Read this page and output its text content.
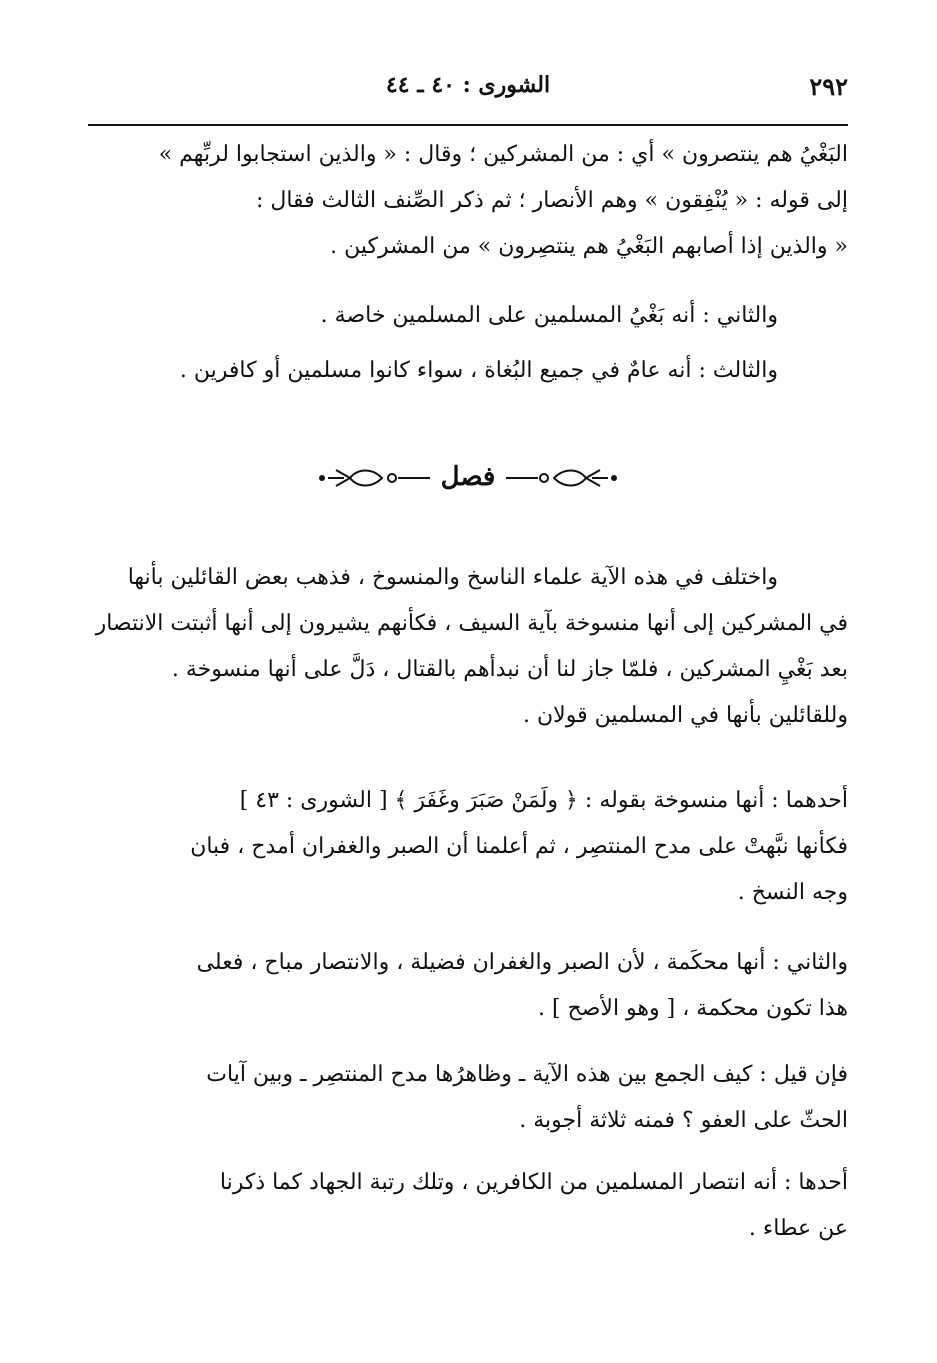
٢٩٢
الشورى : ٤٠ ـ ٤٤

البَغْيُ هم ينتصرون » أي : من المشركين ؛ وقال : « والذين استجابوا لربِّهم »
إلى قوله : « يُنْفِقون » وهم الأنصار ؛ ثم ذكر الصِّنف الثالث فقال :
« والذين إذا أصابهم البَغْيُ هم ينتصِرون » من المشركين .

والثاني : أنه بَغْيُ المسلمين على المسلمين خاصة .

والثالث : أنه عامٌ في جميع البُغاة ، سواء كانوا مسلمين أو كافرين .

فصل

واختلف في هذه الآية علماء الناسخ والمنسوخ ، فذهب بعض القائلين بأنها
في المشركين إلى أنها منسوخة بآية السيف ، فكأنهم يشيرون إلى أنها أثبتت الانتصار
بعد بَغْيِ المشركين ، فلمّا جاز لنا أن نبدأهم بالقتال ، دَلَّ على أنها منسوخة .
وللقائلين بأنها في المسلمين قولان .

أحدهما : أنها منسوخة بقوله : ﴿ ولَمَنْ صَبَرَ وغَفَرَ ﴾ [ الشورى : ٤٣ ]
فكأنها نبَّهتْ على مدح المنتصِر ، ثم أعلمنا أن الصبر والغفران أمدح ، فبان
وجه النسخ .

والثاني : أنها محكَمة ، لأن الصبر والغفران فضيلة ، والانتصار مباح ، فعلى
هذا تكون محكمة ، [ وهو الأصح ] .

فإن قيل : كيف الجمع بين هذه الآية ـ وظاهرُها مدح المنتصِر ـ وبين آيات
الحثّ على العفو ؟ فمنه ثلاثة أجوبة .

أحدها : أنه انتصار المسلمين من الكافرين ، وتلك رتبة الجهاد كما ذكرنا
عن عطاء .
